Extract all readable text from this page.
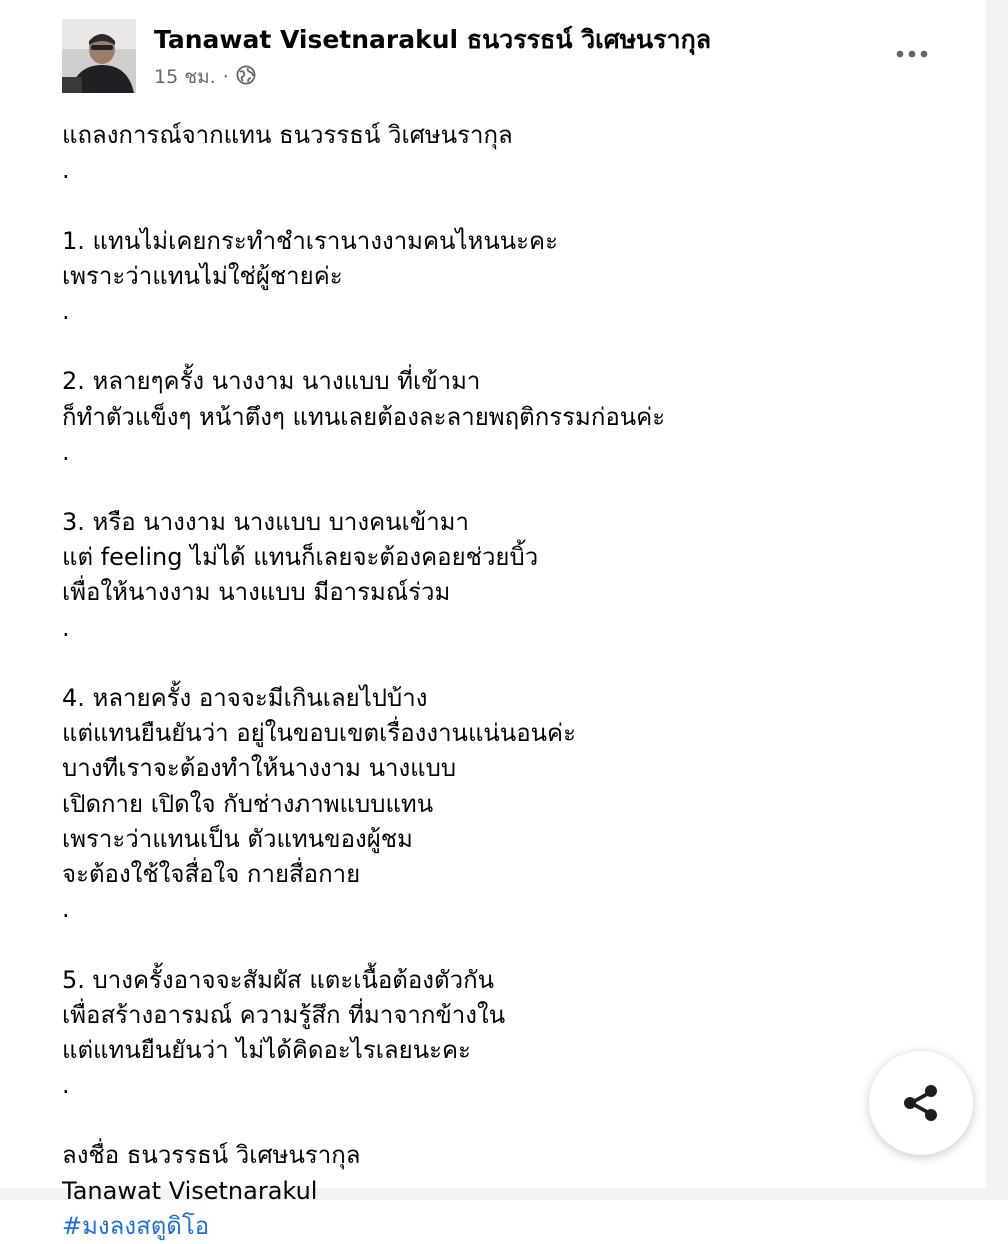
Tanawat Visetnarakul ธนวรรธน์ วิเศษนรากุล
15 ชม. ·
แถลงการณ์จากแทน ธนวรรธน์ วิเศษนรากุล
.
1. แทนไม่เคยกระทำชำเรานางงามคนไหนนะคะ
เพราะว่าแทนไม่ใช่ผู้ชายค่ะ
.
2. หลายๆครั้ง นางงาม นางแบบ ที่เข้ามา
ก็ทำตัวแข็งๆ หน้าตึงๆ แทนเลยต้องละลายพฤติกรรมก่อนค่ะ
.
3. หรือ นางงาม นางแบบ บางคนเข้ามา
แต่ feeling ไม่ได้ แทนก็เลยจะต้องคอยช่วยบิ้ว
เพื่อให้นางงาม นางแบบ มีอารมณ์ร่วม
.
4. หลายครั้ง อาจจะมีเกินเลยไปบ้าง
แต่แทนยืนยันว่า อยู่ในขอบเขตเรื่องงานแน่นอนค่ะ
บางทีเราจะต้องทำให้นางงาม นางแบบ
เปิดกาย เปิดใจ กับช่างภาพแบบแทน
เพราะว่าแทนเป็น ตัวแทนของผู้ชม
จะต้องใช้ใจสื่อใจ กายสื่อกาย
.
5. บางครั้งอาจจะสัมผัส แตะเนื้อต้องตัวกัน
เพื่อสร้างอารมณ์ ความรู้สึก ที่มาจากข้างใน
แต่แทนยืนยันว่า ไม่ได้คิดอะไรเลยนะคะ
.
ลงชื่อ ธนวรรธน์ วิเศษนรากุล
Tanawat Visetnarakul
#มงลงสตูดิโอ
